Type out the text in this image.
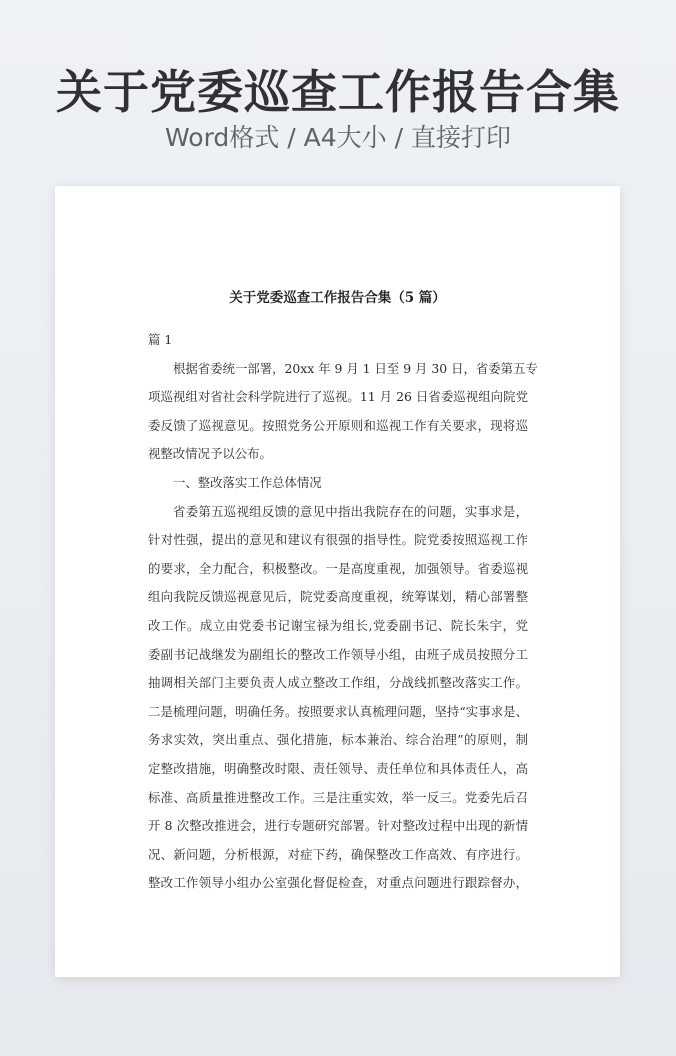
关于党委巡查工作报告合集
Word格式 / A4大小 / 直接打印
关于党委巡查工作报告合集（5 篇）
篇 1
根据省委统一部署，20xx 年 9 月 1 日至 9 月 30 日，省委第五专
项巡视组对省社会科学院进行了巡视。11 月 26 日省委巡视组向院党
委反馈了巡视意见。按照党务公开原则和巡视工作有关要求，现将巡
视整改情况予以公布。
一、整改落实工作总体情况
省委第五巡视组反馈的意见中指出我院存在的问题，实事求是，
针对性强，提出的意见和建议有很强的指导性。院党委按照巡视工作
的要求，全力配合，积极整改。一是高度重视，加强领导。省委巡视
组向我院反馈巡视意见后，院党委高度重视，统筹谋划，精心部署整
改工作。成立由党委书记谢宝禄为组长,党委副书记、院长朱宇，党
委副书记战继发为副组长的整改工作领导小组，由班子成员按照分工
抽调相关部门主要负责人成立整改工作组，分战线抓整改落实工作。
二是梳理问题，明确任务。按照要求认真梳理问题，坚持“实事求是、
务求实效，突出重点、强化措施，标本兼治、综合治理”的原则，制
定整改措施，明确整改时限、责任领导、责任单位和具体责任人，高
标准、高质量推进整改工作。三是注重实效，举一反三。党委先后召
开 8 次整改推进会，进行专题研究部署。针对整改过程中出现的新情
况、新问题，分析根源，对症下药，确保整改工作高效、有序进行。
整改工作领导小组办公室强化督促检查，对重点问题进行跟踪督办，
